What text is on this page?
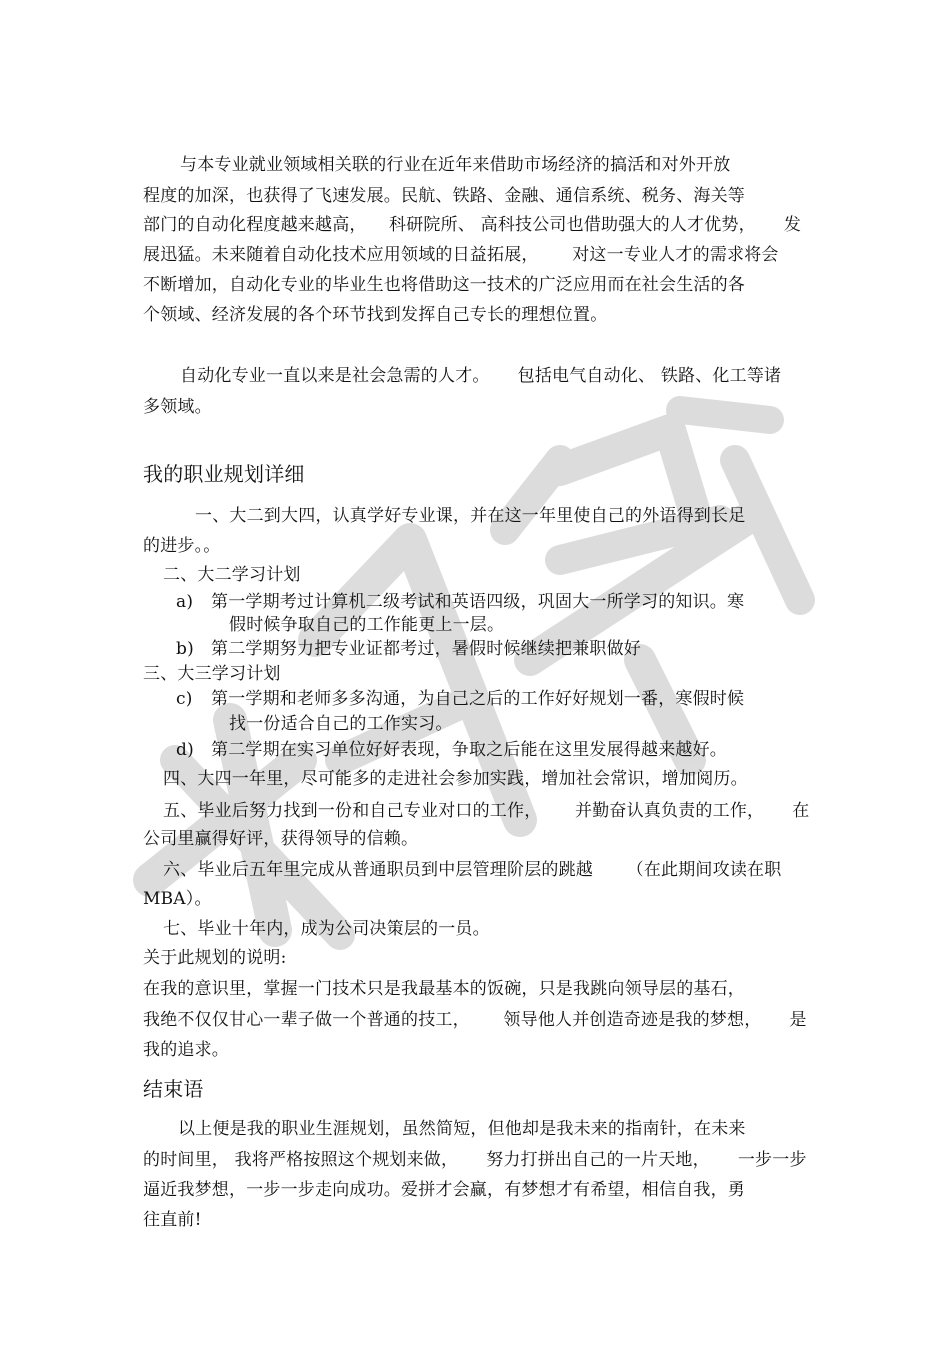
与本专业就业领域相关联的行业在近年来借助市场经济的搞活和对外开放
程度的加深，也获得了飞速发展。民航、铁路、金融、通信系统、税务、海关等
部门的自动化程度越来越高，    科研院所、 高科技公司也借助强大的人才优势，     发
展迅猛。未来随着自动化技术应用领域的日益拓展，      对这一专业人才的需求将会
不断增加，自动化专业的毕业生也将借助这一技术的广泛应用而在社会生活的各
个领域、经济发展的各个环节找到发挥自己专长的理想位置。
自动化专业一直以来是社会急需的人才。     包括电气自动化、 铁路、化工等诸
多领域。
我的职业规划详细
一、大二到大四，认真学好专业课，并在这一年里使自己的外语得到长足
的进步。。
二、大二学习计划
a) 第一学期考过计算机二级考试和英语四级，巩固大一所学习的知识。寒
假时候争取自己的工作能更上一层。
b) 第二学期努力把专业证都考过，暑假时候继续把兼职做好
三、大三学习计划
c) 第一学期和老师多多沟通，为自己之后的工作好好规划一番，寒假时候
找一份适合自己的工作实习。
d) 第二学期在实习单位好好表现，争取之后能在这里发展得越来越好。
四、大四一年里，尽可能多的走进社会参加实践，增加社会常识，增加阅历。
五、毕业后努力找到一份和自己专业对口的工作，      并勤奋认真负责的工作，     在
公司里赢得好评，获得领导的信赖。
六、毕业后五年里完成从普通职员到中层管理阶层的跳越      （在此期间攻读在职
MBA）。
七、毕业十年内，成为公司决策层的一员。
关于此规划的说明:
在我的意识里，掌握一门技术只是我最基本的饭碗，只是我跳向领导层的基石，
我绝不仅仅甘心一辈子做一个普通的技工，      领导他人并创造奇迹是我的梦想，     是
我的追求。
结束语
以上便是我的职业生涯规划，虽然简短，但他却是我未来的指南针，在未来
的时间里， 我将严格按照这个规划来做，     努力打拼出自己的一片天地，     一步一步
逼近我梦想，一步一步走向成功。爱拼才会赢，有梦想才有希望，相信自我，勇
往直前!
